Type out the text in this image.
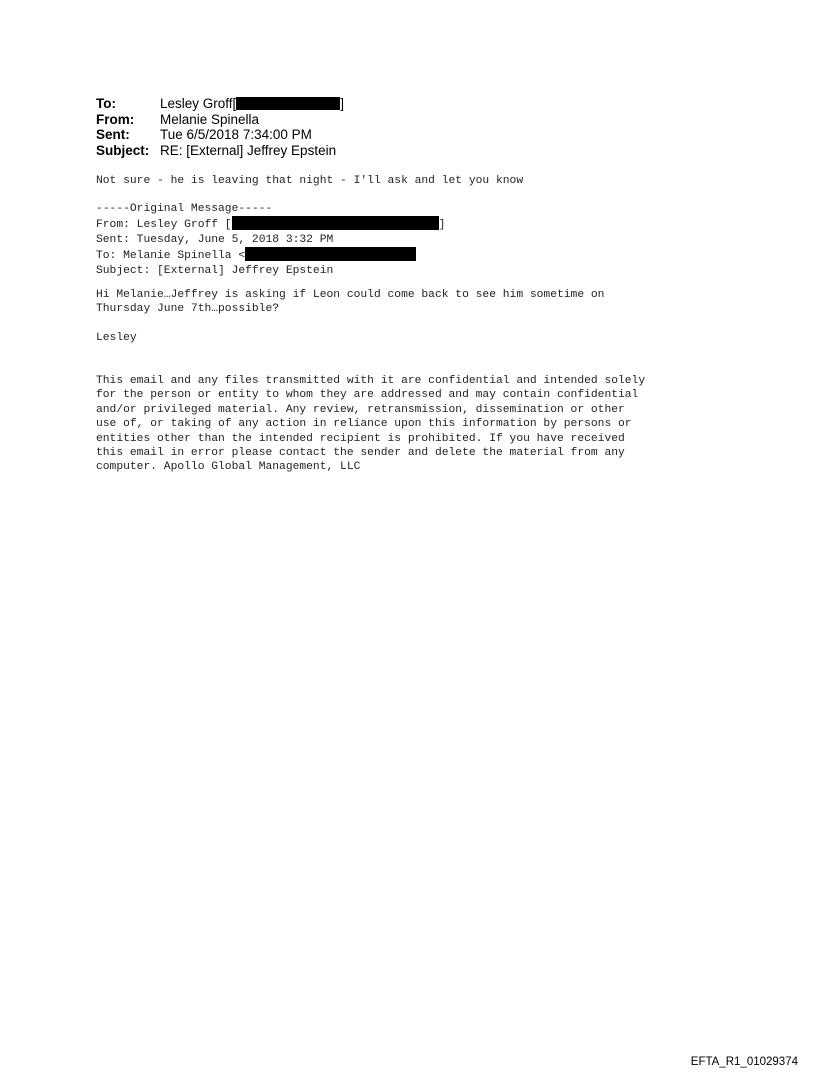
To:	Lesley Groff[	]
From: Melanie Spinella
Sent: Tue 6/5/2018 7:34:00 PM
Subject: RE: [External] Jeffrey Epstein
Not sure - he is leaving that night - I'll ask and let you know
-----Original Message-----
From: Lesley Groff [	]
Sent: Tuesday, June 5, 2018 3:32 PM
To: Melanie Spinella <
Subject: [External] Jeffrey Epstein
Hi Melanie…Jeffrey is asking if Leon could come back to see him sometime on
Thursday June 7th…possible?
Lesley
This email and any files transmitted with it are confidential and intended solely
for the person or entity to whom they are addressed and may contain confidential
and/or privileged material. Any review, retransmission, dissemination or other
use of, or taking of any action in reliance upon this information by persons or
entities other than the intended recipient is prohibited. If you have received
this email in error please contact the sender and delete the material from any
computer. Apollo Global Management, LLC
EFTA_R1_01029374
